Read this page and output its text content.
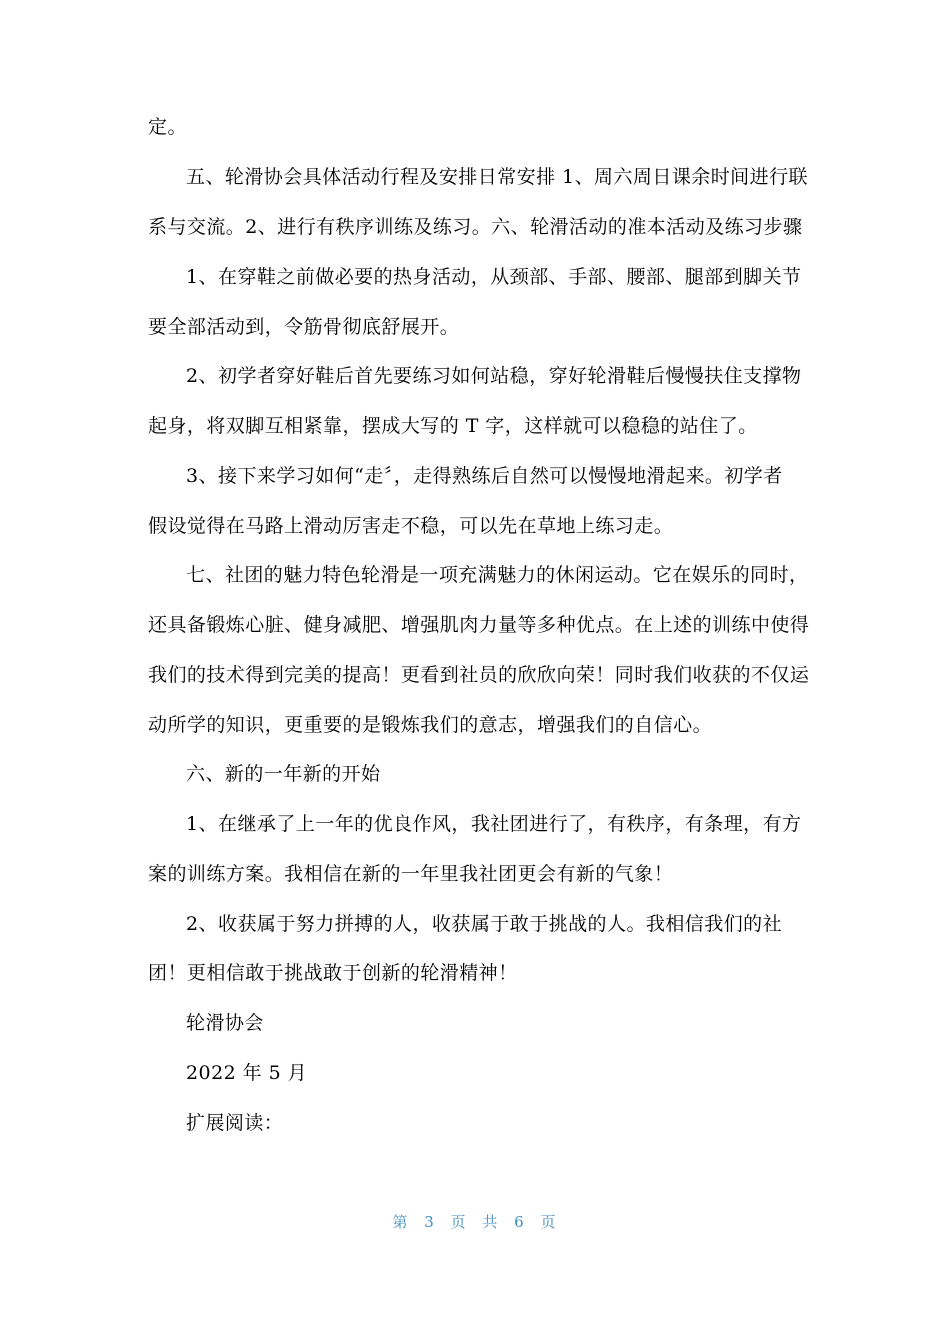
定。
五、轮滑协会具体活动行程及安排日常安排 1、周六周日课余时间进行联
系与交流。2、进行有秩序训练及练习。六、轮滑活动的准本活动及练习步骤
1、在穿鞋之前做必要的热身活动，从颈部、手部、腰部、腿部到脚关节
要全部活动到，令筋骨彻底舒展开。
2、初学者穿好鞋后首先要练习如何站稳，穿好轮滑鞋后慢慢扶住支撑物
起身，将双脚互相紧靠，摆成大写的 T 字，这样就可以稳稳的站住了。
3、接下来学习如何“走〞，走得熟练后自然可以慢慢地滑起来。初学者
假设觉得在马路上滑动厉害走不稳，可以先在草地上练习走。
七、社团的魅力特色轮滑是一项充满魅力的休闲运动。它在娱乐的同时，
还具备锻炼心脏、健身减肥、增强肌肉力量等多种优点。在上述的训练中使得
我们的技术得到完美的提高！更看到社员的欣欣向荣！同时我们收获的不仅运
动所学的知识，更重要的是锻炼我们的意志，增强我们的自信心。
六、新的一年新的开始
1、在继承了上一年的优良作风，我社团进行了，有秩序，有条理，有方
案的训练方案。我相信在新的一年里我社团更会有新的气象！
2、收获属于努力拼搏的人，收获属于敢于挑战的人。我相信我们的社
团！更相信敢于挑战敢于创新的轮滑精神！
轮滑协会
2022 年 5 月
扩展阅读：
第 3 页 共 6 页
